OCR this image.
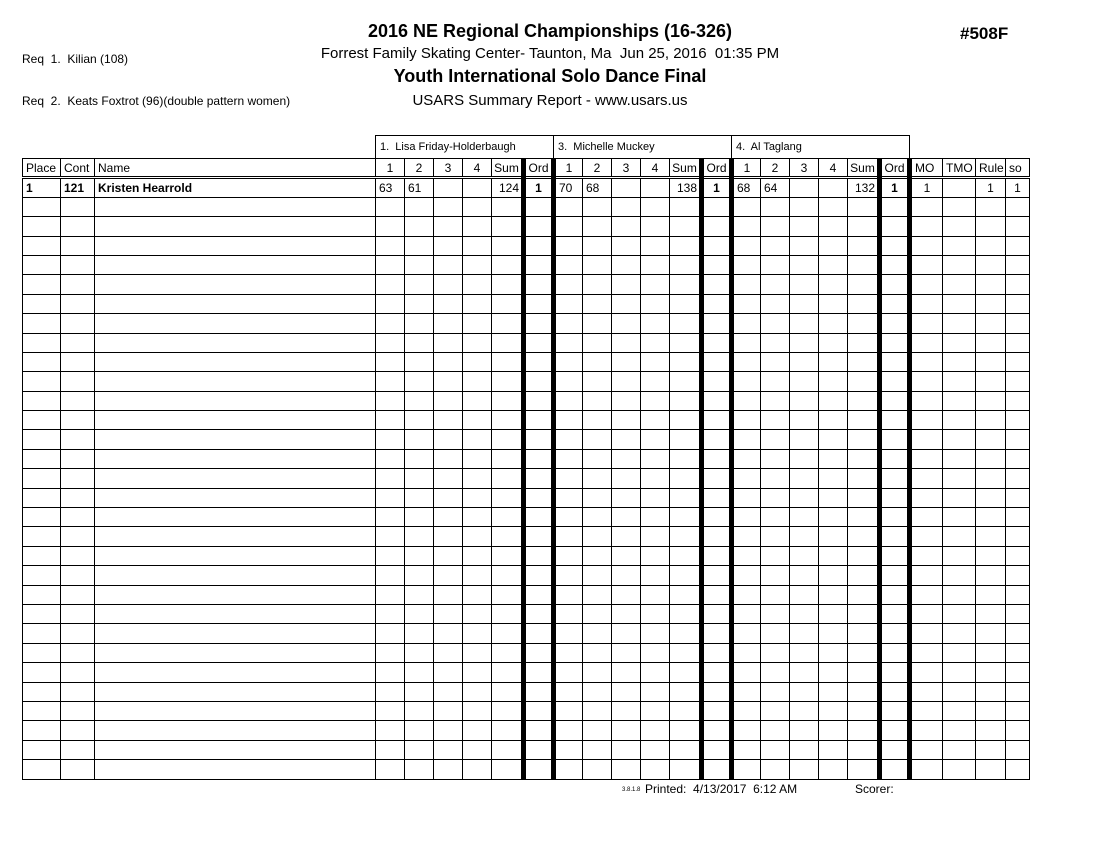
Req  1.  Kilian (108)

Req  2.  Keats Foxtrot (96)(double pattern women)

2016 NE Regional Championships (16-326)
Forrest Family Skating Center- Taunton, Ma  Jun 25, 2016  01:35 PM
Youth International Solo Dance Final
USARS Summary Report - www.usars.us
#508F
			1.  Lisa Friday-Holderbaugh						3.  Michelle Muckey						4.  Al Taglang									
Place	Cont	Name	1	2	3	4	Sum	Ord	1	2	3	4	Sum	Ord	1	2	3	4	Sum	Ord	MO	TMO	Rule	so
1	121	Kristen Hearrold	63	61			124	1	70	68			138	1	68	64			132	1	1		1	1

3.8.1.8 Printed:  4/13/2017  6:12 AM	Scorer:
